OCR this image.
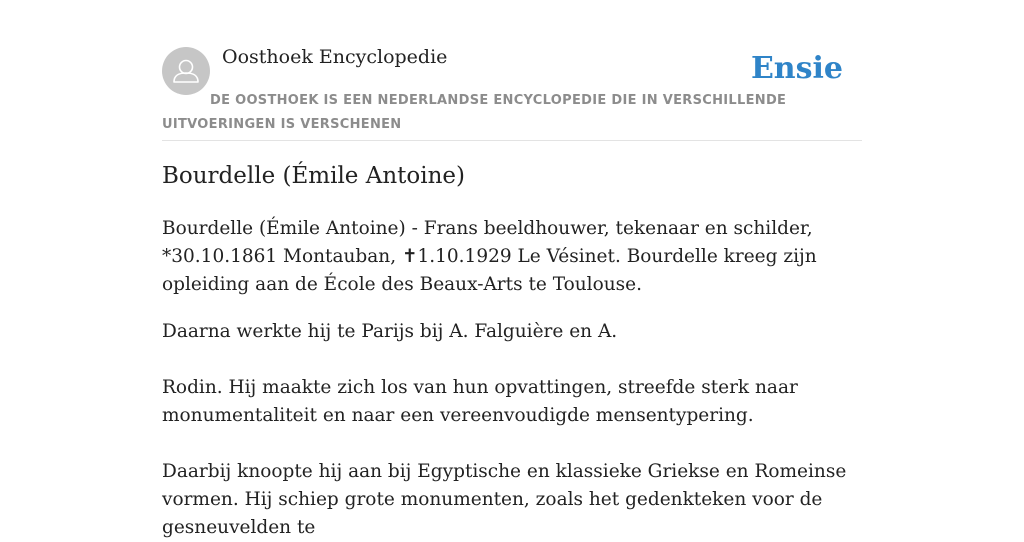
Oosthoek Encyclopedie	Ensie
DE OOSTHOEK IS EEN NEDERLANDSE ENCYCLOPEDIE DIE IN VERSCHILLENDE UITVOERINGEN IS VERSCHENEN
Bourdelle (Émile Antoine)

Bourdelle (Émile Antoine) - Frans beeldhouwer, tekenaar en schilder, *30.10.1861 Montauban, ✝1.10.1929 Le Vésinet. Bourdelle kreeg zijn opleiding aan de École des Beaux-Arts te Toulouse.

Daarna werkte hij te Parijs bij A. Falguière en A.

Rodin. Hij maakte zich los van hun opvattingen, streefde sterk naar monumentaliteit en naar een vereenvoudigde mensentypering.

Daarbij knoopte hij aan bij Egyptische en klassieke Griekse en Romeinse vormen. Hij schiep grote monumenten, zoals het gedenkteken voor de gesneuvelden te
